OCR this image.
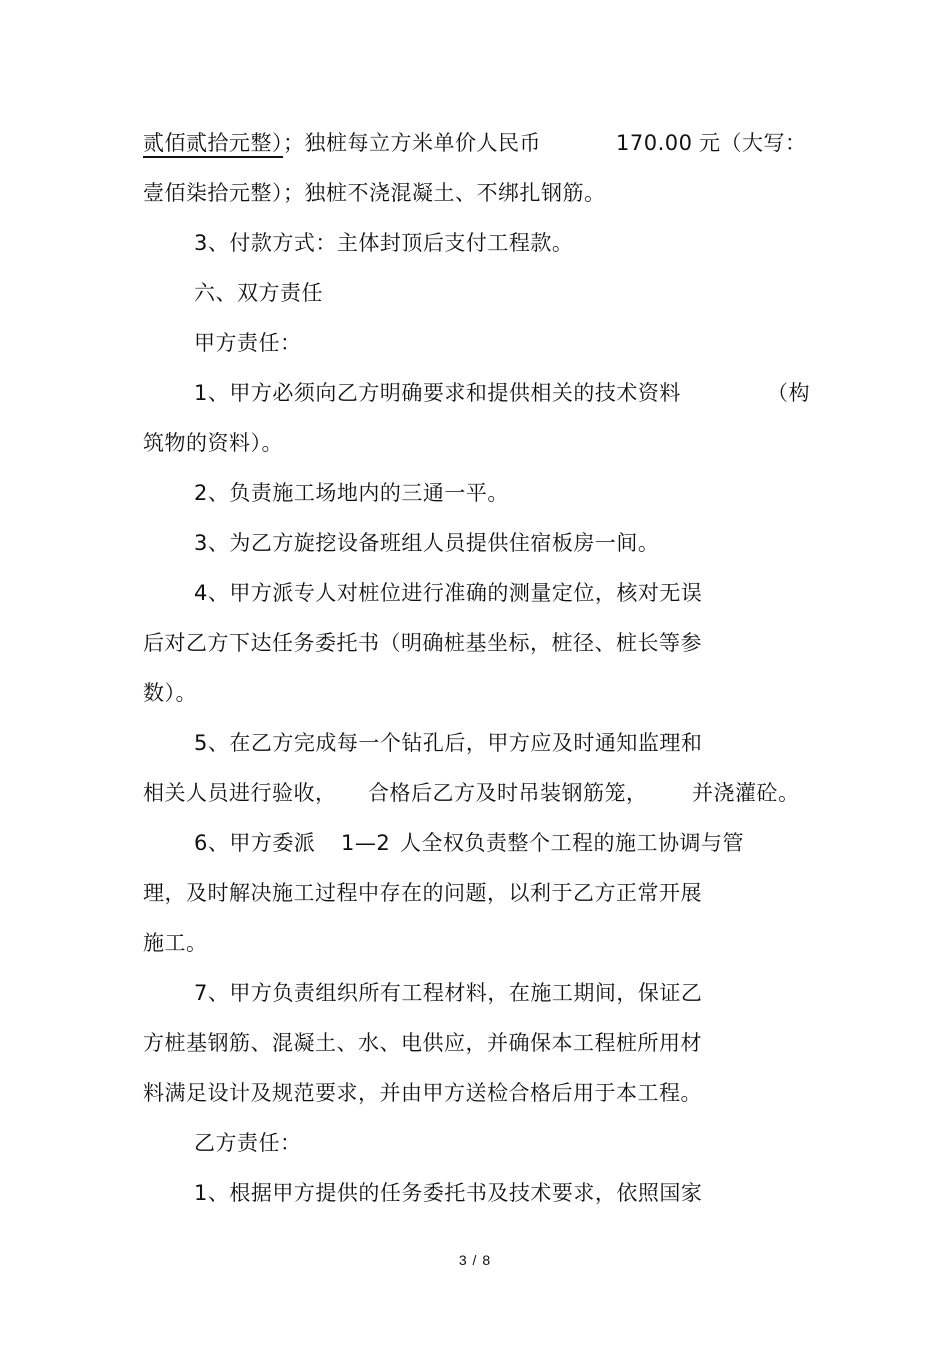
贰佰贰拾元整）；独桩每立方米单价人民币	170.00 元（大写：
壹佰柒拾元整）；独桩不浇混凝土、不绑扎钢筋。
3、付款方式：主体封顶后支付工程款。
六、双方责任
甲方责任：
1、甲方必须向乙方明确要求和提供相关的技术资料	（构
筑物的资料）。
2、负责施工场地内的三通一平。
3、为乙方旋挖设备班组人员提供住宿板房一间。
4、甲方派专人对桩位进行准确的测量定位，核对无误
后对乙方下达任务委托书（明确桩基坐标，桩径、桩长等参
数）。
5、在乙方完成每一个钻孔后，甲方应及时通知监理和
相关人员进行验收， 合格后乙方及时吊装钢筋笼， 并浇灌砼。
6、甲方委派 1—2 人全权负责整个工程的施工协调与管
理，及时解决施工过程中存在的问题，以利于乙方正常开展
施工。
7、甲方负责组织所有工程材料，在施工期间，保证乙
方桩基钢筋、混凝土、水、电供应，并确保本工程桩所用材
料满足设计及规范要求，并由甲方送检合格后用于本工程。
乙方责任：
1、根据甲方提供的任务委托书及技术要求，依照国家
3 / 8
